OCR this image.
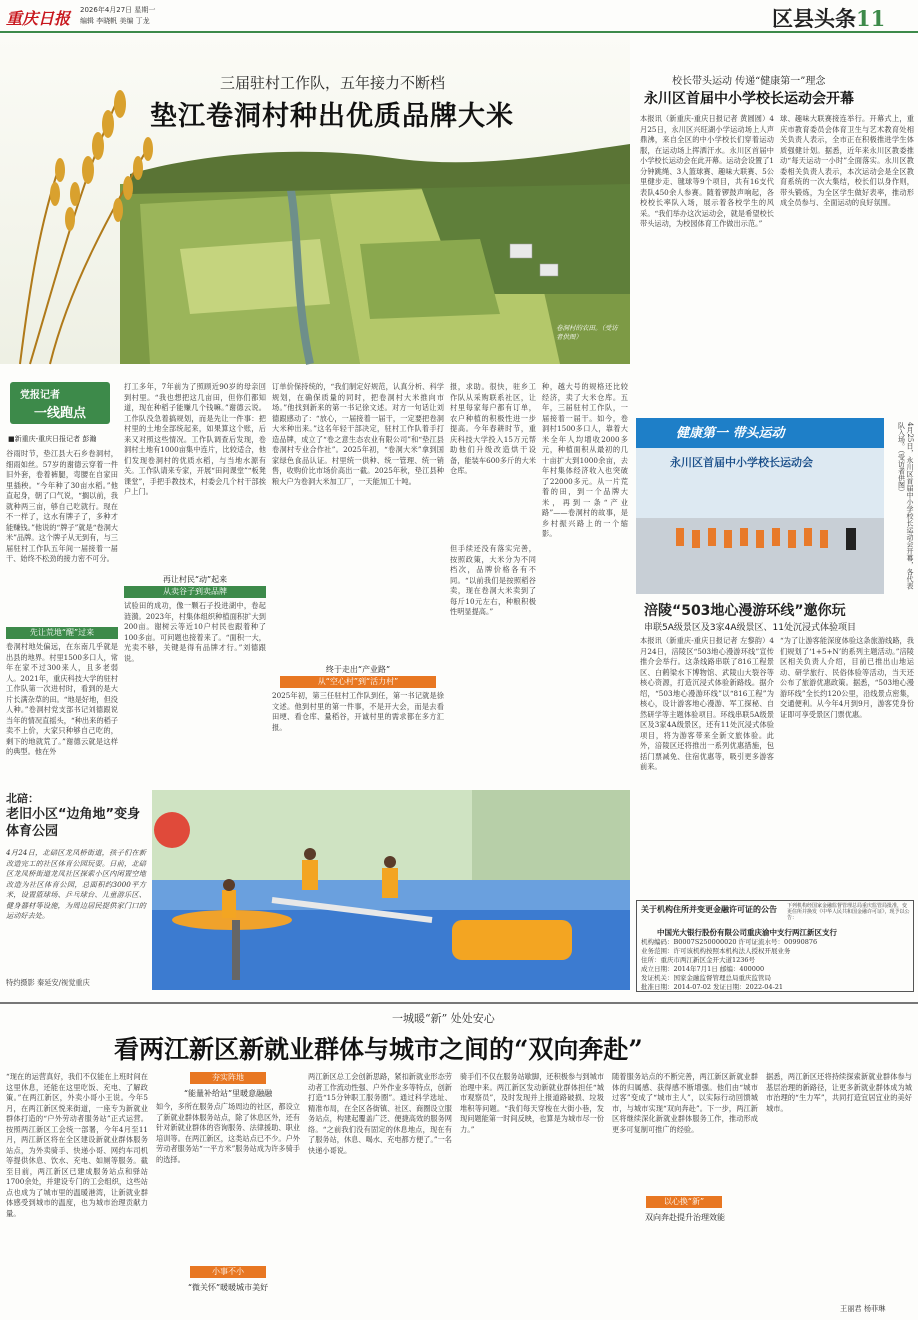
重庆日报 2026年4月27日 星期一
编辑 李晓帆 美编 丁龙	区县头条11
三届驻村工作队，五年接力不断档
垫江卷洞村种出优质品牌大米
卷洞村的农田。（受访者供图）
党报记者
一线跑点
■新重庆-重庆日报记者 彭瀚
谷雨时节，垫江县大石乡卷洞村，细雨如丝。57岁的谢德云穿着一件旧外套，卷着裤腿，弯腰在自家田里插秧。“今年种了30亩水稻。”他直起身，朝了口气说，“搁以前，我就种两三亩，够自己吃就行。现在不一样了，这水有牌子了，多种才能赚钱。”他说的“牌子”就是“卷洞大米”品牌。这个牌子从无到有，与三届驻村工作队五年间一届接着一届干、始终不松劲的接力密不可分。
先让荒地“醒”过来
卷洞村地处偏远，在东南几乎就是出县的地界。村里1500多口人，常年在家不过300来人，且多老弱人。2021年，重庆科技大学的驻村工作队第一次进村时，看到的是大片长满杂草的田。“地是好地，但没人种。”卷洞村党支部书记刘德跟说当年的情况直摇头，“种出来的稻子卖不上价，大家只种够自己吃的，剩下的地就荒了。”谢德云就是这样的典型。他在外
打工多年，7年前为了照顾近90岁的母亲回到村里。“我也想把这几亩田，但你们都知道，现在种稻子能赚几个钱嘛。”谢德云说。工作队没急着搞规划，而是先让一件事：把村里的土地全部统起来，如果算这个账，后来又对照这些情况。工作队调查后发现，卷洞村土地有1000亩集中连片，比较适合，他们发现卷洞村的优质水稻，与当地水源有关。工作队请来专家，开展“田间课堂”“板凳课堂”，手把手教技术，村委会几个村干部挨户上门。
再让村民“动”起来
从卖谷子到卖品牌
试验田的成功，像一颗石子投进湖中，卷起涟漪。2023年，村集体组织种植面积扩大到200亩。谢树云等近10户村民也跟着种了100多亩。可问题也接着来了。“面积一大，光卖不够，关键是得有品牌才行。”刘德跟说。
订单价保持统的，“我们制定好规范，认真分析、科学规划，在确保质量的同时，把卷洞村大米推向市场。”他找到新来的第一书记徐文述。对方一句话让刘德跟感动了：“放心，一届接着一届干，一定要把卷洞大米种出来。”这名年轻干部决定，驻村工作队着手打造品牌，成立了“卷之意生态农业有限公司”和“垫江县卷洞村专业合作社”。2025年初，“卷洞大米”拿到国家绿色食品认证。村里统一供种、统一管理、统一销售，收购价比市场价高出一截。2025年秋，垫江县种粮大户为卷洞大米加工厂，一天能加工十吨。
终于走出“产业路”
从“空心村”到“活力村”
2025年初，第三任驻村工作队到任，第一书记就是徐文述。他到村里的第一件事，不是开大会，而是去看田埂、看仓库、量稻谷，开诚村里的需求都在多方汇报。
报，求助。很快，驻乡工作队从采购联系社区，让村里每家每户都有订单，农户种植的积极性进一步提高。今年春耕时节，重庆科技大学投入15万元帮助他们升级改造烘干设备，能装车600多斤的大米仓库。
但手续还没有落实完善，按照政策，大米分为不同档次，品牌价格各有不同。“以前我们是按照稻谷卖，现在卷洞大米卖到了每斤10元左右，种粮积极性明显提高。”
种，越大号的规格还比较经济，卖了大米仓库。五年，三届驻村工作队，一届接着一届干。如今，卷洞村1500多口人，靠着大米全年人均增收2000多元，种植面积从最初的几十亩扩大到1000余亩，去年村集体经济收入也突破了22000多元。从一片荒着的田，到一个品牌大米，再到一条“产业路”——卷洞村的故事，是乡村振兴路上的一个缩影。
北碚：
老旧小区“边角地”变身体育公园
4月24日，北碚区龙凤桥街道，孩子们在新改造完工的社区体育公园玩耍。日前，北碚区龙凤桥街道龙凤社区探索小区内闲置空地改造为社区体育公园，总面积约3000平方米，设置篮球场、乒乓球台、儿童游乐区、健身器材等设施，为周边居民提供家门口的运动好去处。
特约摄影 秦延安/视觉重庆
校长带头运动 传递“健康第一”理念
永川区首届中小学校长运动会开幕
本报讯（新重庆-重庆日报记者 黄圆圆）4月25日，永川区兴旺湖小学运动场上人声鼎沸，来自全区的中小学校长们穿着运动服，在运动场上挥洒汗水。永川区首届中小学校长运动会在此开幕。运动会设置了1分钟跳绳、3人篮球赛、趣味大联赛、5公里健步走、毽球等9个项目，共有16支代表队450余人参赛。随着锣鼓声响起，各校校长率队入场，展示着各校学生的风采。“我们举办这次运动会，就是希望校长带头运动，为校园体育工作做出示范。”
球、趣味大联赛接连举行。开幕式上，重庆市教育委员会体育卫生与艺术教育处相关负责人表示，全市正在积极推进学生体质强健计划。据悉，近年来永川区教委推动“每天运动一小时”全面落实。永川区教委相关负责人表示，本次运动会是全区教育系统的一次大集结，校长们以身作则，带头锻炼，为全区学生做好表率，推动形成全员参与、全面运动的良好氛围。
健康第一 带头运动
永川区首届中小学校长运动会	4月25日，永川区首届中小学校长运动会开幕，各代表队入场。（受访者供图）
涪陵“503地心漫游环线”邀你玩
串联5A级景区及3家4A级景区、11处沉浸式体验项目
本报讯（新重庆-重庆日报记者 左黎韵）4月24日，涪陵区“503地心漫游环线”宣传推介会举行。这条线路串联了816工程景区、白鹤梁水下博物馆、武陵山大裂谷等核心资源，打造沉浸式体验新路线。据介绍，“503地心漫游环线”以“816工程”为核心，设计游客地心漫游、军工探秘、自然研学等主题体验项目。环线串联5A级景区及3家4A级景区，还有11处沉浸式体验项目，将为游客带来全新文旅体验。此外，涪陵区还将推出一系列优惠措施，包括门票减免、住宿优惠等，吸引更多游客前来。
“为了让游客能深度体验这条旅游线路，我们规划了‘1+5+N’的系列主题活动。”涪陵区相关负责人介绍，目前已推出山地运动、研学旅行、民俗体验等活动，当天还公布了旅游优惠政策。据悉，“503地心漫游环线”全长约120公里，沿线景点密集，交通便利。从今年4月到9月，游客凭身份证即可享受景区门票优惠。
关于机构住所并变更金融许可证的公告 下列机构经国家金融监督管理总局重庆监管局批准，变更住所并换发《中华人民共和国金融许可证》，现予以公告：
中国光大银行股份有限公司重庆渝中支行两江新区支行
机构编码：B0007S250000020 许可证流水号：00990876
业务范围：许可该机构按照本机构法人授权开展业务
住所：重庆市两江新区金开大道1236号
成立日期：2014年7月1日 邮编：400000
发证机关：国家金融监督管理总局重庆监管局
批准日期：2014-07-02 发证日期：2022-04-21
一城暖“新” 处处安心
看两江新区新就业群体与城市之间的“双向奔赴”
“现在的运营真好，我们不仅能在上班时间在这里休息，还能在这里吃饭、充电、了解政策。”在两江新区，外卖小哥小王说。今年5月，在两江新区悦来街道，一座专为新就业群体打造的“户外劳动者服务站”正式运营。按照两江新区工会统一部署，今年4月至11月，两江新区将在全区建设新就业群体服务站点，为外卖骑手、快递小哥、网约车司机等提供休息、饮水、充电、如厕等服务。截至目前，两江新区已建成服务站点和驿站1700余处，并建设专门的工会组织，这些站点也成为了城市里的温暖港湾，让新就业群体感受到城市的温度，也为城市治理贡献力量。
夯实阵地
“能量补给站”里暖意融融
如今，多所在服务点广场周边的社区，都设立了新就业群体服务站点，除了休息区外，还有针对新就业群体的咨询服务、法律援助、职业培训等。在两江新区，这类站点已不少。户外劳动者服务站“一平方米”服务站成为许多骑手的选择。
小事不小
“微关怀”暖暖城市美好
两江新区总工会创新思路，紧扣新就业形态劳动者工作流动性强、户外作业多等特点，创新打造“15分钟职工服务圈”。通过科学选址、精准布局，在全区各街镇、社区、商圈设立服务站点，构建起覆盖广泛、便捷高效的服务网络。“之前我们没有固定的休息地点，现在有了服务站，休息、喝水、充电都方便了。”一名快递小哥说。
骑手们不仅在服务站歇脚，还积极参与到城市治理中来。两江新区发动新就业群体担任“城市观察员”，及时发现并上报道路破损、垃圾堆积等问题。“我们每天穿梭在大街小巷，发现问题能第一时间反映，也算是为城市尽一份力。”
随着服务站点的不断完善，两江新区新就业群体的归属感、获得感不断增强。他们由“城市过客”变成了“城市主人”，以实际行动回馈城市，与城市实现“双向奔赴”。下一步，两江新区将继续深化新就业群体服务工作，推动形成更多可复制可推广的经验。
以心换“新”
双向奔赴提升治理效能
据悉，两江新区还将持续探索新就业群体参与基层治理的新路径，让更多新就业群体成为城市治理的“生力军”，共同打造宜居宜业的美好城市。
王丽君 杨菲琳
